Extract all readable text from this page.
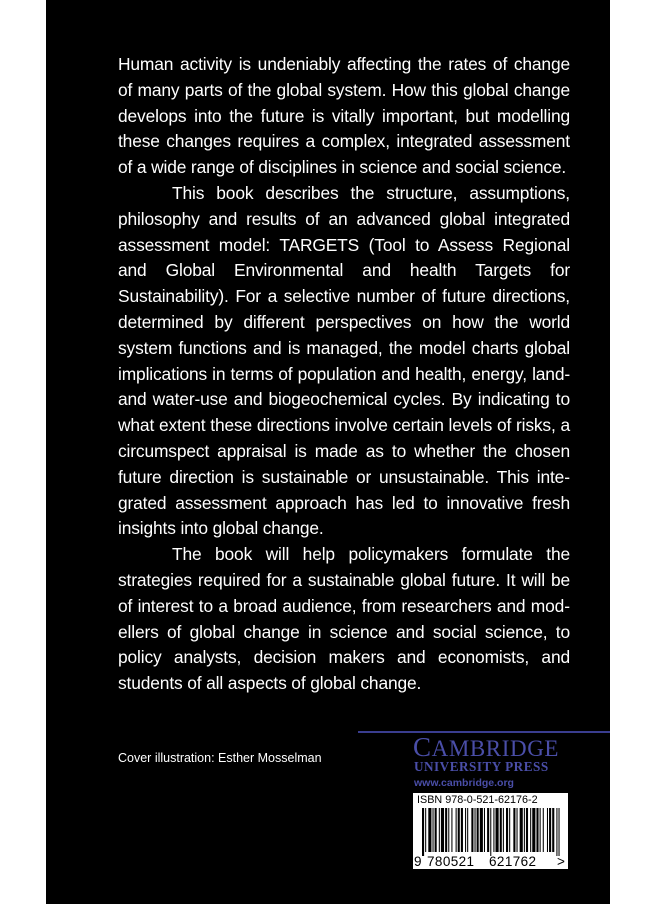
Human activity is undeniably affecting the rates of change of many parts of the global system. How this global change develops into the future is vitally important, but modelling these changes requires a complex, integrated assessment of a wide range of disciplines in science and social science.

This book describes the structure, assumptions, philosophy and results of an advanced global integrated assessment model: TARGETS (Tool to Assess Regional and Global Environmental and health Targets for Sustainability). For a selective number of future directions, determined by different perspectives on how the world system functions and is managed, the model charts global implications in terms of population and health, energy, land- and water-use and biogeochemical cycles. By indicating to what extent these directions involve certain levels of risks, a circumspect appraisal is made as to whether the chosen future direction is sustainable or unsustainable. This integrated assessment approach has led to innovative fresh insights into global change.

The book will help policymakers formulate the strategies required for a sustainable global future. It will be of interest to a broad audience, from researchers and modellers of global change in science and social science, to policy analysts, decision makers and economists, and students of all aspects of global change.

Cover illustration: Esther Mosselman	CAMBRIDGE
UNIVERSITY PRESS
www.cambridge.org
ISBN 978-0-521-62176-2
9 780521 621762 >
